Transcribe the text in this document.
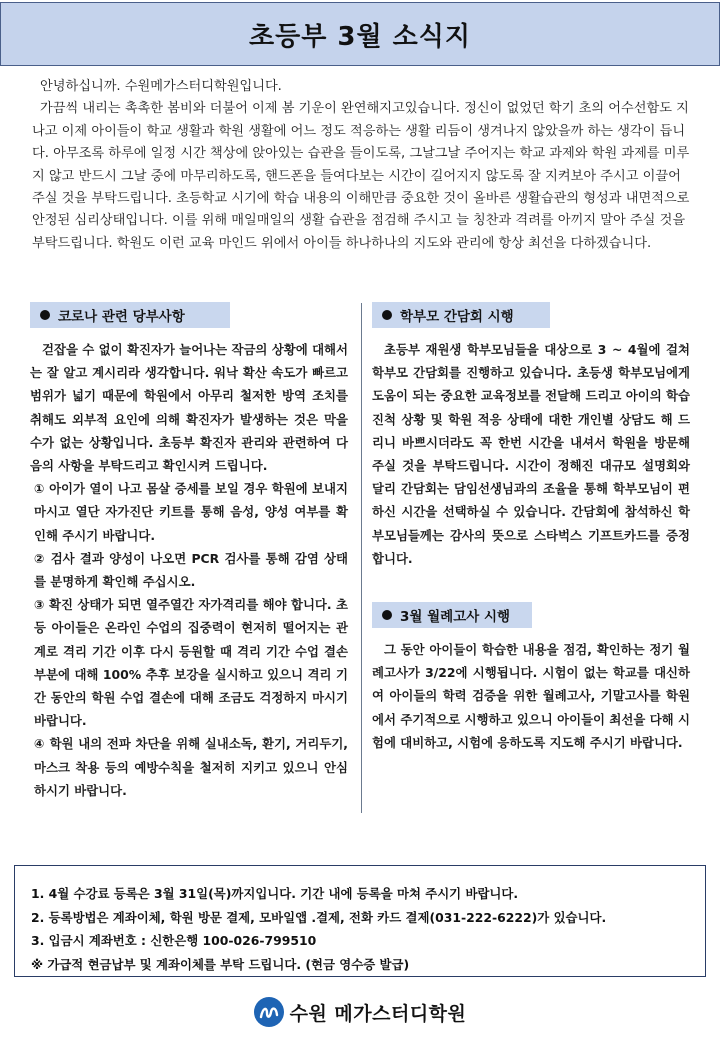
초등부 3월 소식지

안녕하십니까. 수원메가스터디학원입니다.

가끔씩 내리는 촉촉한 봄비와 더불어 이제 봄 기운이 완연해지고있습니다. 정신이 없었던 학기 초의 어수선함도 지나고 이제 아이들이 학교 생활과 학원 생활에 어느 정도 적응하는 생활 리듬이 생겨나지 않았을까 하는 생각이 듭니다. 아무조록 하루에 일정 시간 책상에 앉아있는 습관을 들이도록, 그날그날 주어지는 학교 과제와 학원 과제를 미루지 않고 반드시 그날 중에 마무리하도록, 핸드폰을 들여다보는 시간이 길어지지 않도록 잘 지켜보아 주시고 이끌어 주실 것을 부탁드립니다. 초등학교 시기에 학습 내용의 이해만큼 중요한 것이 올바른 생활습관의 형성과 내면적으로 안정된 심리상태입니다. 이를 위해 매일매일의 생활 습관을 점검해 주시고 늘 칭찬과 격려를 아끼지 말아 주실 것을 부탁드립니다. 학원도 이런 교육 마인드 위에서 아이들 하나하나의 지도와 관리에 항상 최선을 다하겠습니다.

코로나 관련 당부사항

걷잡을 수 없이 확진자가 늘어나는 작금의 상황에 대해서는 잘 알고 계시리라 생각합니다. 워낙 확산 속도가 빠르고 범위가 넓기 때문에 학원에서 아무리 철저한 방역 조치를 취해도 외부적 요인에 의해 확진자가 발생하는 것은 막을 수가 없는 상황입니다. 초등부 확진자 관리와 관련하여 다음의 사항을 부탁드리고 확인시켜 드립니다.

① 아이가 열이 나고 몸살 증세를 보일 경우 학원에 보내지 마시고 열단 자가진단 키트를 통해 음성, 양성 여부를 확인해 주시기 바랍니다.

② 검사 결과 양성이 나오면 PCR 검사를 통해 감염 상태를 분명하게 확인해 주십시오.

③ 확진 상태가 되면 열주열간 자가격리를 해야 합니다. 초등 아이들은 온라인 수업의 집중력이 현저히 떨어지는 관계로 격리 기간 이후 다시 등원할 때 격리 기간 수업 결손 부분에 대해 100% 추후 보강을 실시하고 있으니 격리 기간 동안의 학원 수업 결손에 대해 조금도 걱정하지 마시기 바랍니다.

④ 학원 내의 전파 차단을 위해 실내소독, 환기, 거리두기, 마스크 착용 등의 예방수칙을 철저히 지키고 있으니 안심하시기 바랍니다.

학부모 간담회 시행

초등부 재원생 학부모님들을 대상으로 3 ~ 4월에 걸쳐 학부모 간담회를 진행하고 있습니다. 초등생 학부모님에게 도움이 되는 중요한 교육정보를 전달해 드리고 아이의 학습 진척 상황 및 학원 적응 상태에 대한 개인별 상담도 해 드리니 바쁘시더라도 꼭 한번 시간을 내셔서 학원을 방문해 주실 것을 부탁드립니다. 시간이 정해진 대규모 설명회와 달리 간담회는 담임선생님과의 조율을 통해 학부모님이 편하신 시간을 선택하실 수 있습니다. 간담회에 참석하신 학부모님들께는 감사의 뜻으로 스타벅스 기프트카드를 증정합니다.

3월 월례고사 시행

그 동안 아이들이 학습한 내용을 점검, 확인하는 정기 월례고사가 3/22에 시행됩니다. 시험이 없는 학교를 대신하여 아이들의 학력 검증을 위한 월례고사, 기말고사를 학원에서 주기적으로 시행하고 있으니 아이들이 최선을 다해 시험에 대비하고, 시험에 응하도록 지도해 주시기 바랍니다.

1. 4월 수강료 등록은 3월 31일(목)까지입니다. 기간 내에 등록을 마쳐 주시기 바랍니다.

2. 등록방법은 계좌이체, 학원 방문 결제, 모바일앱 .결제, 전화 카드 결제(031-222-6222)가 있습니다.

3. 입금시 계좌번호 : 신한은행 100-026-799510

※ 가급적 현금납부 및 계좌이체를 부탁 드립니다. (현금 영수증 발급)

수원 메가스터디학원
